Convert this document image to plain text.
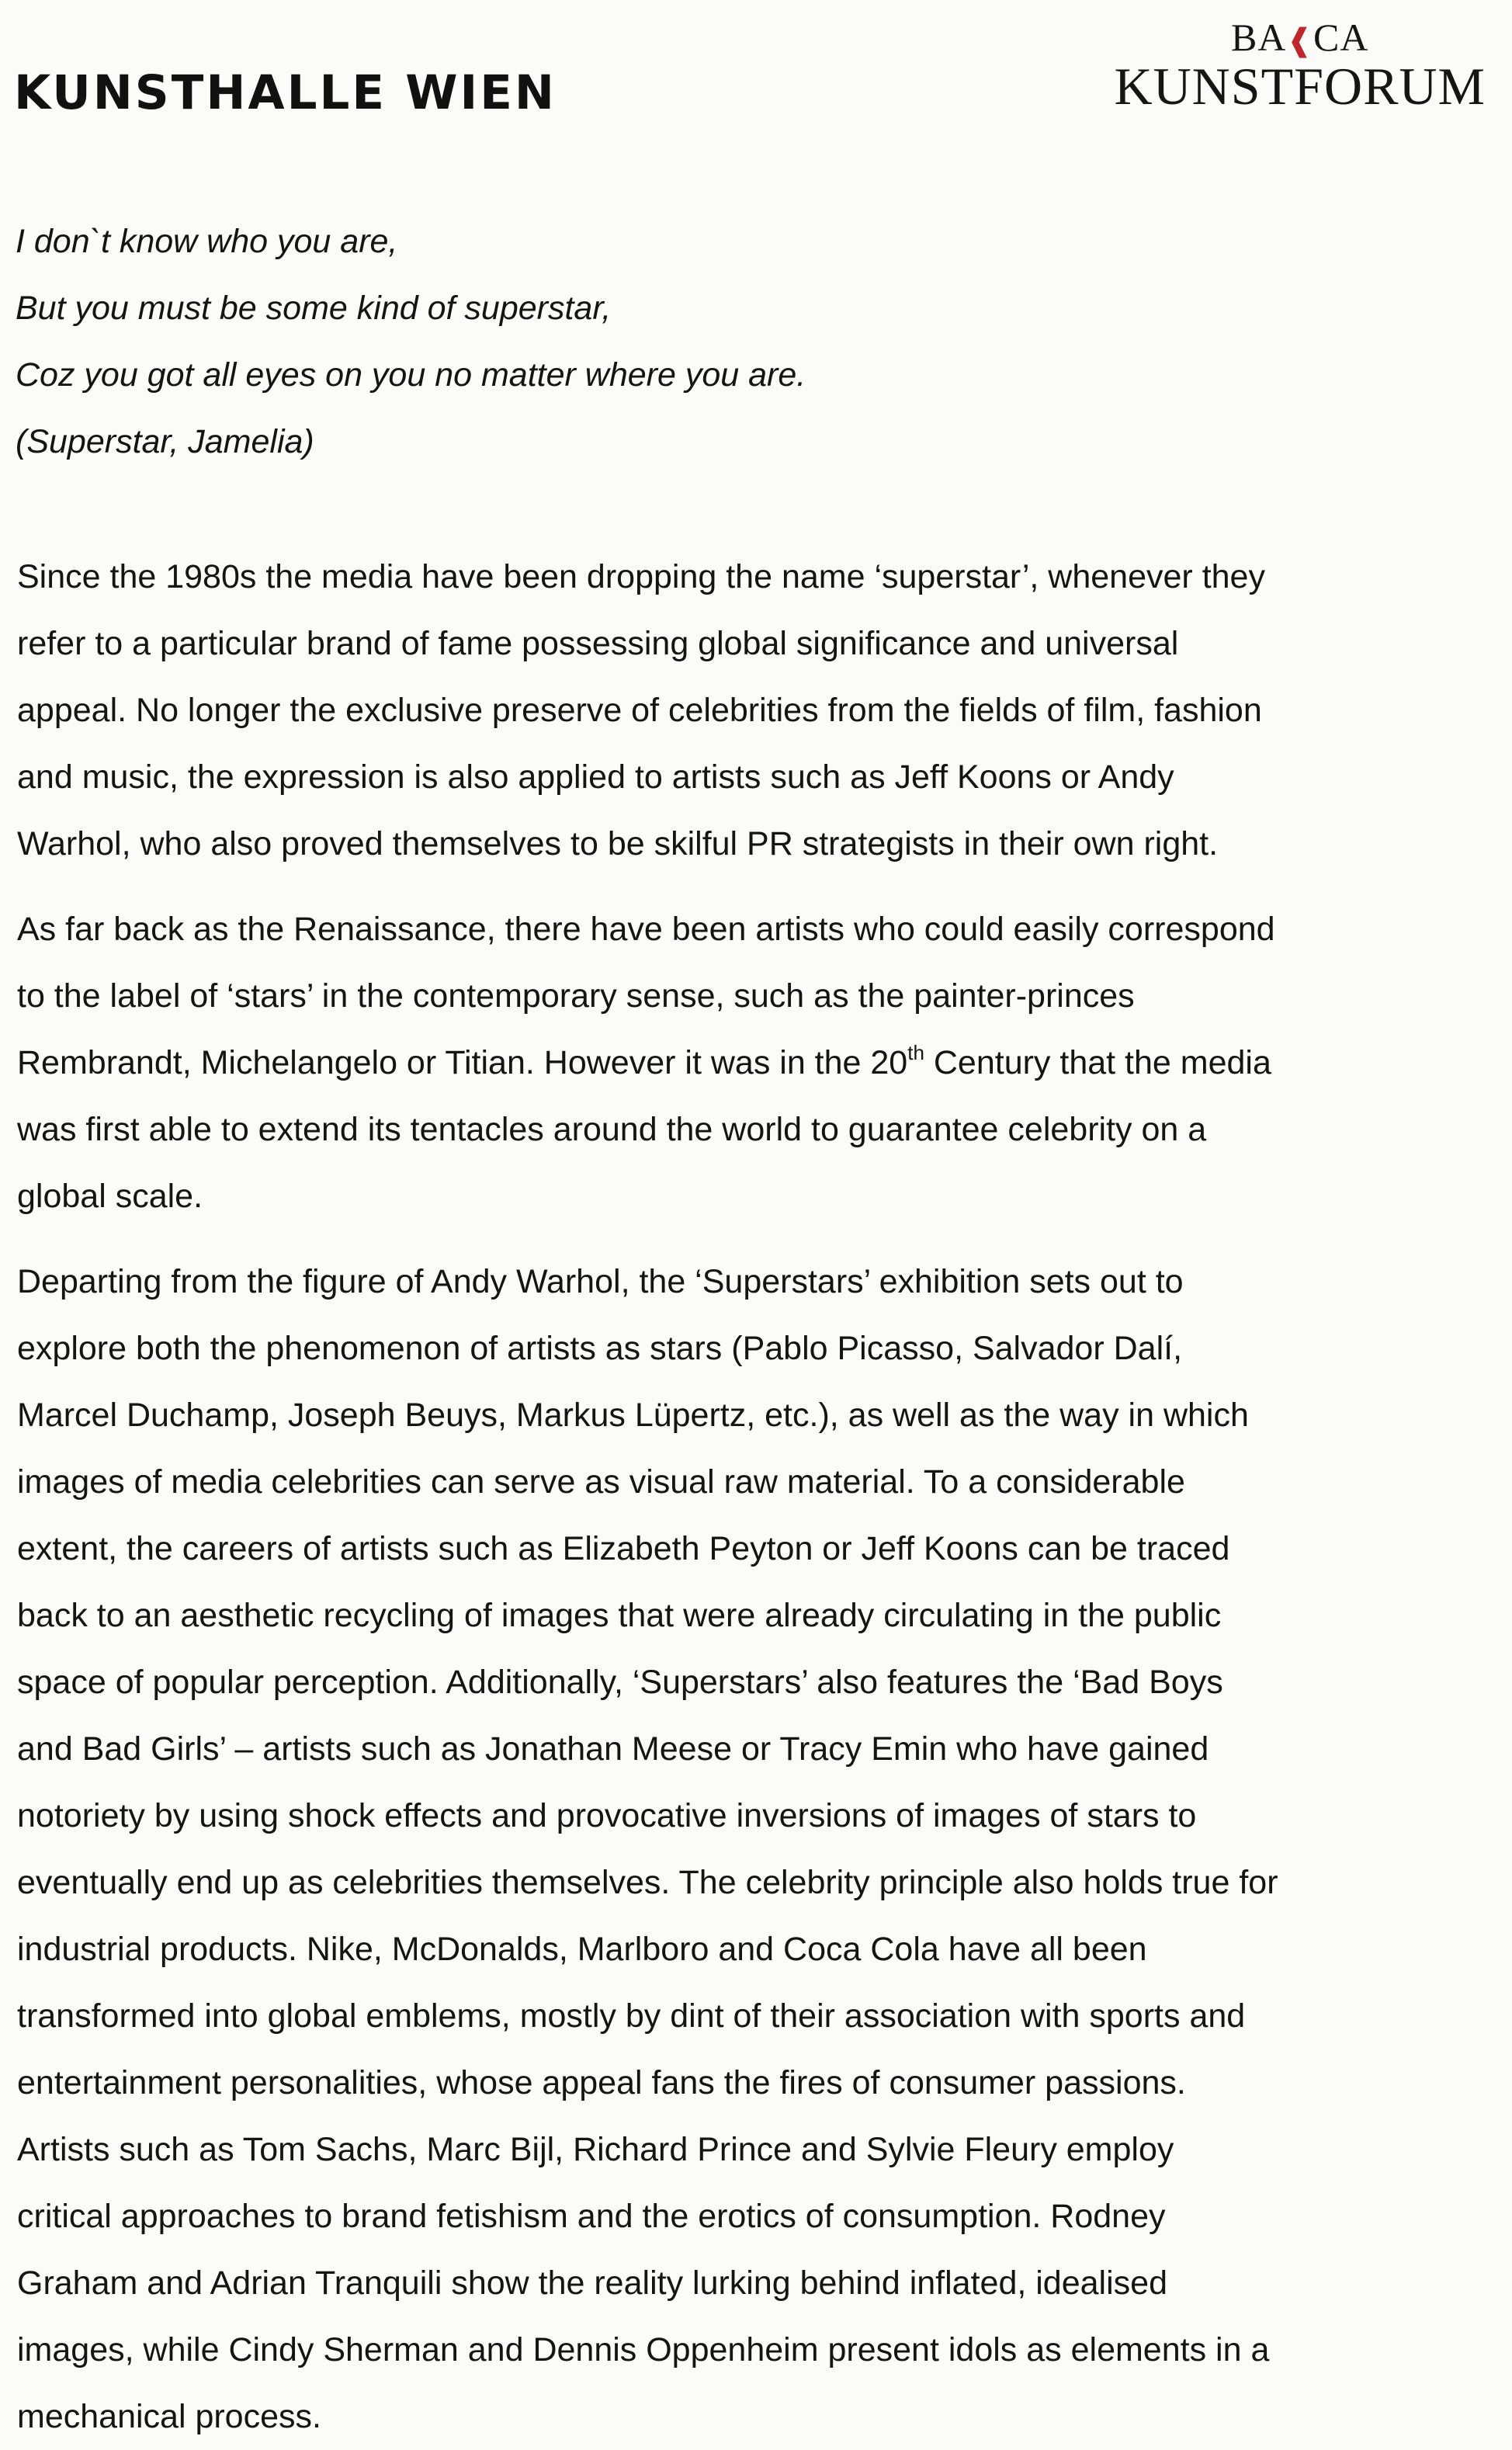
KUNSTHALLE WIEN
BA❰CA
KUNSTFORUM
I don`t know who you are,
But you must be some kind of superstar,
Coz you got all eyes on you no matter where you are.
(Superstar, Jamelia)

Since the 1980s the media have been dropping the name ‘superstar’, whenever they
refer to a particular brand of fame possessing global significance and universal
appeal. No longer the exclusive preserve of celebrities from the fields of film, fashion
and music, the expression is also applied to artists such as Jeff Koons or Andy
Warhol, who also proved themselves to be skilful PR strategists in their own right.

As far back as the Renaissance, there have been artists who could easily correspond
to the label of ‘stars’ in the contemporary sense, such as the painter-princes
Rembrandt, Michelangelo or Titian. However it was in the 20th Century that the media
was first able to extend its tentacles around the world to guarantee celebrity on a
global scale.

Departing from the figure of Andy Warhol, the ‘Superstars’ exhibition sets out to
explore both the phenomenon of artists as stars (Pablo Picasso, Salvador Dalí,
Marcel Duchamp, Joseph Beuys, Markus Lüpertz, etc.), as well as the way in which
images of media celebrities can serve as visual raw material. To a considerable
extent, the careers of artists such as Elizabeth Peyton or Jeff Koons can be traced
back to an aesthetic recycling of images that were already circulating in the public
space of popular perception. Additionally, ‘Superstars’ also features the ‘Bad Boys
and Bad Girls’ – artists such as Jonathan Meese or Tracy Emin who have gained
notoriety by using shock effects and provocative inversions of images of stars to
eventually end up as celebrities themselves. The celebrity principle also holds true for
industrial products. Nike, McDonalds, Marlboro and Coca Cola have all been
transformed into global emblems, mostly by dint of their association with sports and
entertainment personalities, whose appeal fans the fires of consumer passions.
Artists such as Tom Sachs, Marc Bijl, Richard Prince and Sylvie Fleury employ
critical approaches to brand fetishism and the erotics of consumption. Rodney
Graham and Adrian Tranquili show the reality lurking behind inflated, idealised
images, while Cindy Sherman and Dennis Oppenheim present idols as elements in a
mechanical process.
